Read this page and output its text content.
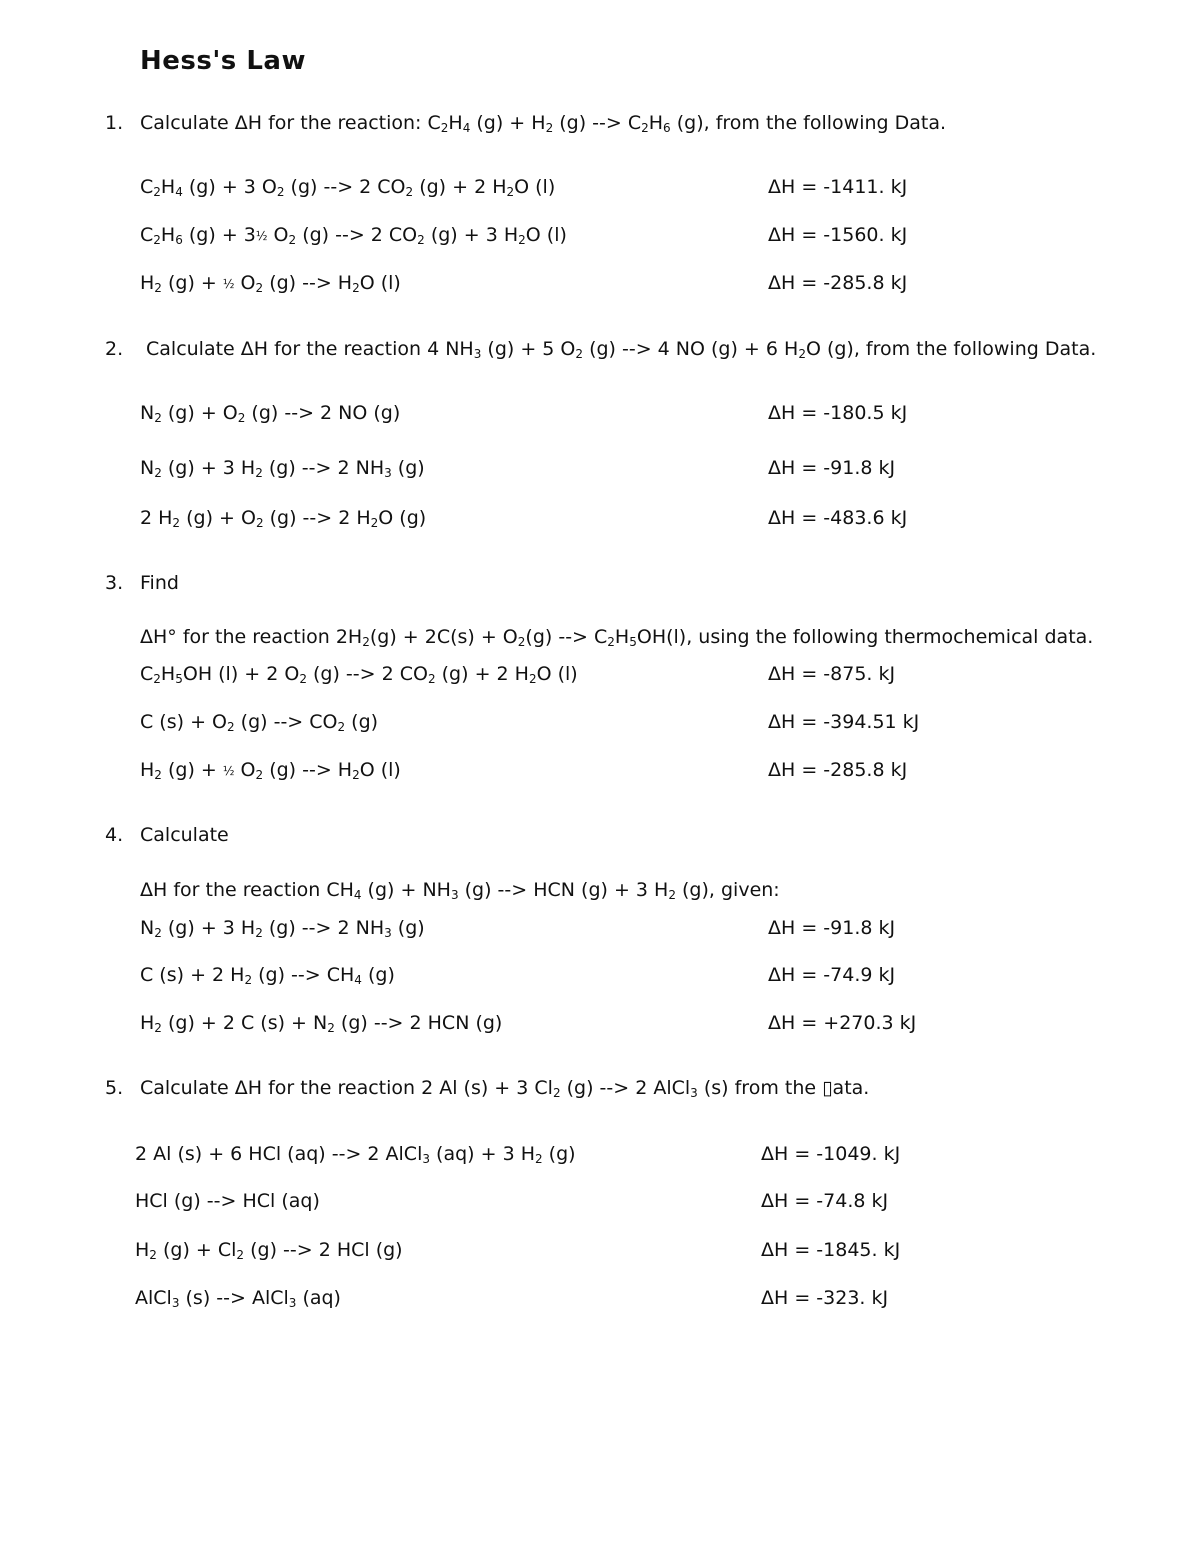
Hess's Law
1. Calculate ΔH for the reaction: $C_2H_4$ $(g) + H_2$ (g) --> $C_2H_6$ (g), from the following Data.
$C_2H_4$ (g) + 3 $O_2$ (g) --> 2 $CO_2$ (g) + 2 $H_2O$ (l)	ΔH = -1411. kJ
$C_2H_6$ (g) + 3½ $O_2$ (g) --> 2 $CO_2$ (g) + 3 $H_2O$ (l)	ΔH = -1560. kJ
$H_2$ (g) + ½ $O_2$ (g) --> $H_2O$ (l)	ΔH = -285.8 kJ
2. Calculate ΔH for the reaction 4 $NH_3$ (g) + 5 $O_2$ (g) --> 4 NO (g) + 6 $H_2O$ (g), from the following Data.
$N_2$ $(g) + O_2$ (g) --> 2 NO (g)	ΔH = -180.5 kJ
$N_2$ (g) + 3 $H_2$ (g) --> 2 $NH_3$ (g)	ΔH = -91.8 kJ
2 $H_2$ $(g) + O_2$ (g) --> 2 $H_2O$ (g)	ΔH = -483.6 kJ
3. Find
ΔH° for the reaction $2H_2(g) + 2C(s) + O_2(g)$ --> $C_2H_5OH(l)$, using the following thermochemical data.
$C_2H_5OH$ (l) + 2 $O_2$ (g) --> 2 $CO_2$ (g) + 2 $H_2O$ (l)	ΔH = -875. kJ
C $(s) + O_2$ (g) --> $CO_2$ (g)	ΔH = -394.51 kJ
$H_2$ (g) + ½ $O_2$ (g) --> $H_2O$ (l)	ΔH = -285.8 kJ
4. Calculate
ΔH for the reaction $CH_4$ $(g) + NH_3$ (g) --> HCN (g) + 3 $H_2$ (g), given:
$N_2$ (g) + 3 $H_2$ (g) --> 2 $NH_3$ (g)	ΔH = -91.8 kJ
C (s) + 2 $H_2$ (g) --> $CH_4$ (g)	ΔH = -74.9 kJ
$H_2$ (g) + 2 C $(s) + N_2$ (g) --> 2 HCN (g)	ΔH = +270.3 kJ
5. Calculate ΔH for the reaction 2 Al (s) + 3 $Cl_2$ (g) --> 2 AlCl$_3$ (s) from the ▯ata.
2 Al (s) + 6 HCl (aq) --> 2 AlCl$_3$ (aq) + 3 $H_2$ (g)	ΔH = -1049. kJ
HCl (g) --> HCl (aq)	ΔH = -74.8 kJ
$H_2$ $(g) + Cl_2$ (g) --> 2 HCl (g)	ΔH = -1845. kJ
AlCl$_3$ (s) --> AlCl$_3$ (aq)	ΔH = -323. kJ
